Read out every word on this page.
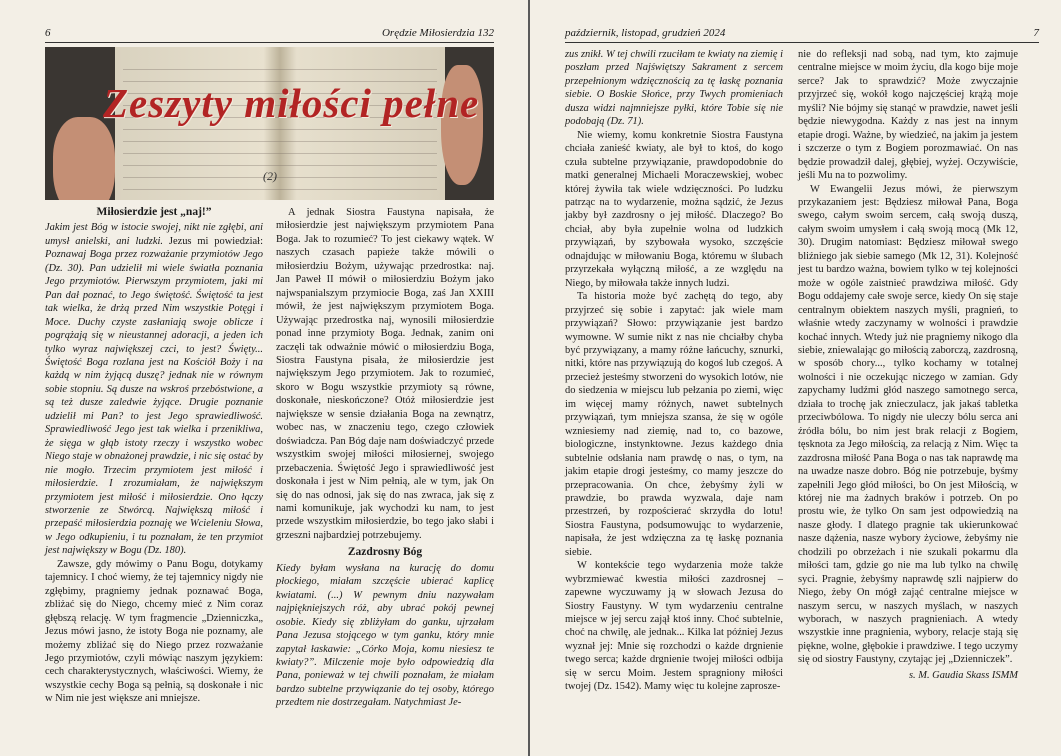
6	Orędzie Miłosierdzia 132
Zeszyty miłości pełne
(2)
Miłosierdzie jest „naj!”

Jakim jest Bóg w istocie swojej, nikt nie zgłębi, ani umysł anielski, ani ludzki. Jezus mi powiedział: Poznawaj Boga przez rozważanie przymiotów Jego (Dz. 30). Pan udzielił mi wiele światła poznania Jego przymiotów. Pierwszym przymiotem, jaki mi Pan dał poznać, to Jego świętość. Świętość ta jest tak wielka, że drżą przed Nim wszystkie Potęgi i Moce. Duchy czyste zasłaniają swoje oblicze i pogrążają się w nieustannej adoracji, a jeden ich tylko wyraz największej czci, to jest? Święty... Świętość Boga rozlana jest na Kościół Boży i na każdą w nim żyjącą duszę? jednak nie w równym sobie stopniu. Są dusze na wskroś przebóstwione, a są też dusze zaledwie żyjące. Drugie poznanie udzielił mi Pan? to jest Jego sprawiedliwość. Sprawiedliwość Jego jest tak wielka i przenikliwa, że sięga w głąb istoty rzeczy i wszystko wobec Niego staje w obnażonej prawdzie, i nic się ostać by nie mogło. Trzecim przymiotem jest miłość i miłosierdzie. I zrozumiałam, że największym przymiotem jest miłość i miłosierdzie. Ono łączy stworzenie ze Stwórcą. Największą miłość i przepaść miłosierdzia poznaję we Wcieleniu Słowa, w Jego odkupieniu, i tu poznałam, że ten przymiot jest największy w Bogu (Dz. 180).

Zawsze, gdy mówimy o Panu Bogu, dotykamy tajemnicy. I choć wiemy, że tej tajemnicy nigdy nie zgłębimy, pragniemy jednak poznawać Boga, zbliżać się do Niego, chcemy mieć z Nim coraz głębszą relację. W tym fragmencie „Dzienniczka„ Jezus mówi jasno, że istoty Boga nie poznamy, ale możemy zbliżać się do Niego przez rozważanie Jego przymiotów, czyli mówiąc naszym językiem: cech charakterystycznych, właściwości. Wiemy, że wszystkie cechy Boga są pełnią, są doskonałe i nic w Nim nie jest większe ani mniejsze.

A jednak Siostra Faustyna napisała, że miłosierdzie jest największym przymiotem Pana Boga. Jak to rozumieć? To jest ciekawy wątek. W naszych czasach papieże także mówili o miłosierdziu Bożym, używając przedrostka: naj. Jan Paweł II mówił o miłosierdziu Bożym jako najwspanialszym przymiocie Boga, zaś Jan XXIII mówił, że jest największym przymiotem Boga. Używając przedrostka naj, wynosili miłosierdzie ponad inne przymioty Boga. Jednak, zanim oni zaczęli tak odważnie mówić o miłosierdziu Boga, Siostra Faustyna pisała, że miłosierdzie jest największym Jego przymiotem. Jak to rozumieć, skoro w Bogu wszystkie przymioty są równe, doskonałe, nieskończone? Otóż miłosierdzie jest największe w sensie działania Boga na zewnątrz, wobec nas, w znaczeniu tego, czego człowiek doświadcza. Pan Bóg daje nam doświadczyć przede wszystkim swojej miłości miłosiernej, swojego przebaczenia. Świętość Jego i sprawiedliwość jest doskonała i jest w Nim pełnią, ale w tym, jak On się do nas odnosi, jak się do nas zwraca, jak się z nami komunikuje, jak wychodzi ku nam, to jest przede wszystkim miłosierdzie, bo tego jako słabi i grzeszni najbardziej potrzebujemy.

Zazdrosny Bóg

Kiedy byłam wysłana na kurację do domu płockiego, miałam szczęście ubierać kaplicę kwiatami. (...) W pewnym dniu nazywałam najpiękniejszych róż, aby ubrać pokój pewnej osobie. Kiedy się zbliżyłam do ganku, ujrzałam Pana Jezusa stojącego w tym ganku, który mnie zapytał łaskawie: „Córko Moja, komu niesiesz te kwiaty?”. Milczenie moje było odpowiedzią dla Pana, ponieważ w tej chwili poznałam, że miałam bardzo subtelne przywiązanie do tej osoby, którego przedtem nie dostrzegałam. Natychmiast Je-

październik, listopad, grudzień 2024	7

zus znikł. W tej chwili rzuciłam te kwiaty na ziemię i poszłam przed Najświętszy Sakrament z sercem przepełnionym wdzięcznością za tę łaskę poznania siebie. O Boskie Słońce, przy Twych promieniach dusza widzi najmniejsze pyłki, które Tobie się nie podobają (Dz. 71).

Nie wiemy, komu konkretnie Siostra Faustyna chciała zanieść kwiaty, ale był to ktoś, do kogo czuła subtelne przywiązanie, prawdopodobnie do matki generalnej Michaeli Moraczewskiej, wobec której żywiła tak wiele wdzięczności. Po ludzku patrząc na to wydarzenie, można sądzić, że Jezus jakby był zazdrosny o jej miłość. Dlaczego? Bo chciał, aby była zupełnie wolna od ludzkich przywiązań, by szybowała wysoko, szczęście odnajdując w miłowaniu Boga, któremu w ślubach przyrzekała wyłączną miłość, a ze względu na Niego, by miłowała także innych ludzi.

Ta historia może być zachętą do tego, aby przyjrzeć się sobie i zapytać: jak wiele mam przywiązań? Słowo: przywiązanie jest bardzo wymowne. W sumie nikt z nas nie chciałby chyba być przywiązany, a mamy różne łańcuchy, sznurki, nitki, które nas przywiązują do kogoś lub czegoś. A przecież jesteśmy stworzeni do wysokich lotów, nie do siedzenia w miejscu lub pełzania po ziemi, więc im więcej mamy różnych, nawet subtelnych przywiązań, tym mniejsza szansa, że się w ogóle wzniesiemy nad ziemię, nad to, co bazowe, biologiczne, instynktowne. Jezus każdego dnia subtelnie odsłania nam prawdę o nas, o tym, na jakim etapie drogi jesteśmy, co mamy jeszcze do przepracowania. On chce, żebyśmy żyli w prawdzie, bo prawda wyzwala, daje nam przestrzeń, by rozpościerać skrzydła do lotu! Siostra Faustyna, podsumowując to wydarzenie, napisała, że jest wdzięczna za tę łaskę poznania siebie.

W kontekście tego wydarzenia może także wybrzmiewać kwestia miłości zazdrosnej – zapewne wyczuwamy ją w słowach Jezusa do Siostry Faustyny. W tym wydarzeniu centralne miejsce w jej sercu zajął ktoś inny. Choć subtelnie, choć na chwilę, ale jednak... Kilka lat później Jezus wyznał jej: Mnie się rozchodzi o każde drgnienie twego serca; każde drgnienie twojej miłości odbija się w sercu Moim. Jestem spragniony miłości twojej (Dz. 1542). Mamy więc tu kolejne zaprosze-

nie do refleksji nad sobą, nad tym, kto zajmuje centralne miejsce w moim życiu, dla kogo bije moje serce? Jak to sprawdzić? Może zwyczajnie przyjrzeć się, wokół kogo najczęściej krążą moje myśli? Nie bójmy się stanąć w prawdzie, nawet jeśli będzie niewygodna. Każdy z nas jest na innym etapie drogi. Ważne, by wiedzieć, na jakim ja jestem i szczerze o tym z Bogiem porozmawiać. On nas będzie prowadził dalej, głębiej, wyżej. Oczywiście, jeśli Mu na to pozwolimy.

W Ewangelii Jezus mówi, że pierwszym przykazaniem jest: Będziesz miłował Pana, Boga swego, całym swoim sercem, całą swoją duszą, całym swoim umysłem i całą swoją mocą (Mk 12, 30). Drugim natomiast: Będziesz miłował swego bliźniego jak siebie samego (Mk 12, 31). Kolejność jest tu bardzo ważna, bowiem tylko w tej kolejności może w ogóle zaistnieć prawdziwa miłość. Gdy Bogu oddajemy całe swoje serce, kiedy On się staje centralnym obiektem naszych myśli, pragnień, to właśnie wtedy zaczynamy w wolności i prawdzie kochać innych. Wtedy już nie pragniemy nikogo dla siebie, zniewalając go miłością zaborczą, zazdrosną, w sposób chory..., tylko kochamy w totalnej wolności i nie oczekując niczego w zamian. Gdy zapychamy ludźmi głód naszego samotnego serca, działa to trochę jak znieczulacz, jak jakaś tabletka przeciwbólowa. To nigdy nie uleczy bólu serca ani źródła bólu, bo nim jest brak relacji z Bogiem, tęsknota za Jego miłością, za relacją z Nim. Więc ta zazdrosna miłość Pana Boga o nas tak naprawdę ma na uwadze nasze dobro. Bóg nie potrzebuje, byśmy zapełnili Jego głód miłości, bo On jest Miłością, w której nie ma żadnych braków i potrzeb. On po prostu wie, że tylko On sam jest odpowiedzią na nasze głody. I dlatego pragnie tak ukierunkować nasze dążenia, nasze wybory życiowe, żebyśmy nie chodzili po obrzeżach i nie szukali pokarmu dla miłości tam, gdzie go nie ma lub tylko na chwilę syci. Pragnie, żebyśmy naprawdę szli najpierw do Niego, żeby On mógł zająć centralne miejsce w naszym sercu, w naszych myślach, w naszych wyborach, w naszych pragnieniach. A wtedy wszystkie inne pragnienia, wybory, relacje stają się piękne, wolne, głębokie i prawdziwe. I tego uczymy się od siostry Faustyny, czytając jej „Dzienniczek”.

s. M. Gaudia Skass ISMM
